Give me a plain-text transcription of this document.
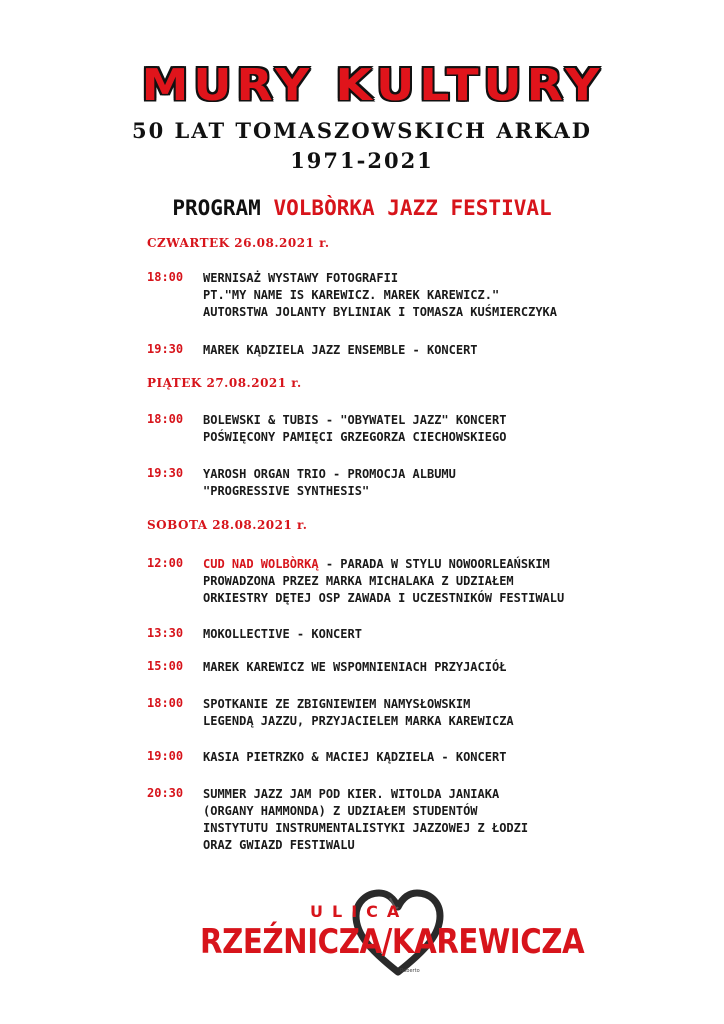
MURY KULTURY
50 LAT TOMASZOWSKICH ARKAD
1971-2021
PROGRAM VOLBÒRKA JAZZ FESTIVAL
CZWARTEK 26.08.2021 r.
18:00 WERNISAŻ WYSTAWY FOTOGRAFII
PT."MY NAME IS KAREWICZ. MAREK KAREWICZ."
AUTORSTWA JOLANTY BYLINIAK I TOMASZA KUŚMIERCZYKA
19:30 MAREK KĄDZIELA JAZZ ENSEMBLE - KONCERT
PIĄTEK 27.08.2021 r.
18:00 BOLEWSKI & TUBIS - "OBYWATEL JAZZ" KONCERT
POŚWIĘCONY PAMIĘCI GRZEGORZA CIECHOWSKIEGO
19:30 YAROSH ORGAN TRIO - PROMOCJA ALBUMU
"PROGRESSIVE SYNTHESIS"
SOBOTA 28.08.2021 r.
12:00 CUD NAD WOLBÒRKĄ - PARADA W STYLU NOWOORLEAŃSKIM
PROWADZONA PRZEZ MARKA MICHALAKA Z UDZIAŁEM
ORKIESTRY DĘTEJ OSP ZAWADA I UCZESTNIKÓW FESTIWALU
13:30 MOKOLLECTIVE - KONCERT
15:00 MAREK KAREWICZ WE WSPOMNIENIACH PRZYJACIÓŁ
18:00 SPOTKANIE ZE ZBIGNIEWIEM NAMYSŁOWSKIM
LEGENDĄ JAZZU, PRZYJACIELEM MARKA KAREWICZA
19:00 KASIA PIETRZKO & MACIEJ KĄDZIELA - KONCERT
20:30 SUMMER JAZZ JAM POD KIER. WITOLDA JANIAKA
(ORGANY HAMMONDA) Z UDZIAŁEM STUDENTÓW
INSTYTUTU INSTRUMENTALISTYKI JAZZOWEJ Z ŁODZI
ORAZ GWIAZD FESTIWALU
ULICA
RZEŹNICZA/KAREWICZA
Roberto
